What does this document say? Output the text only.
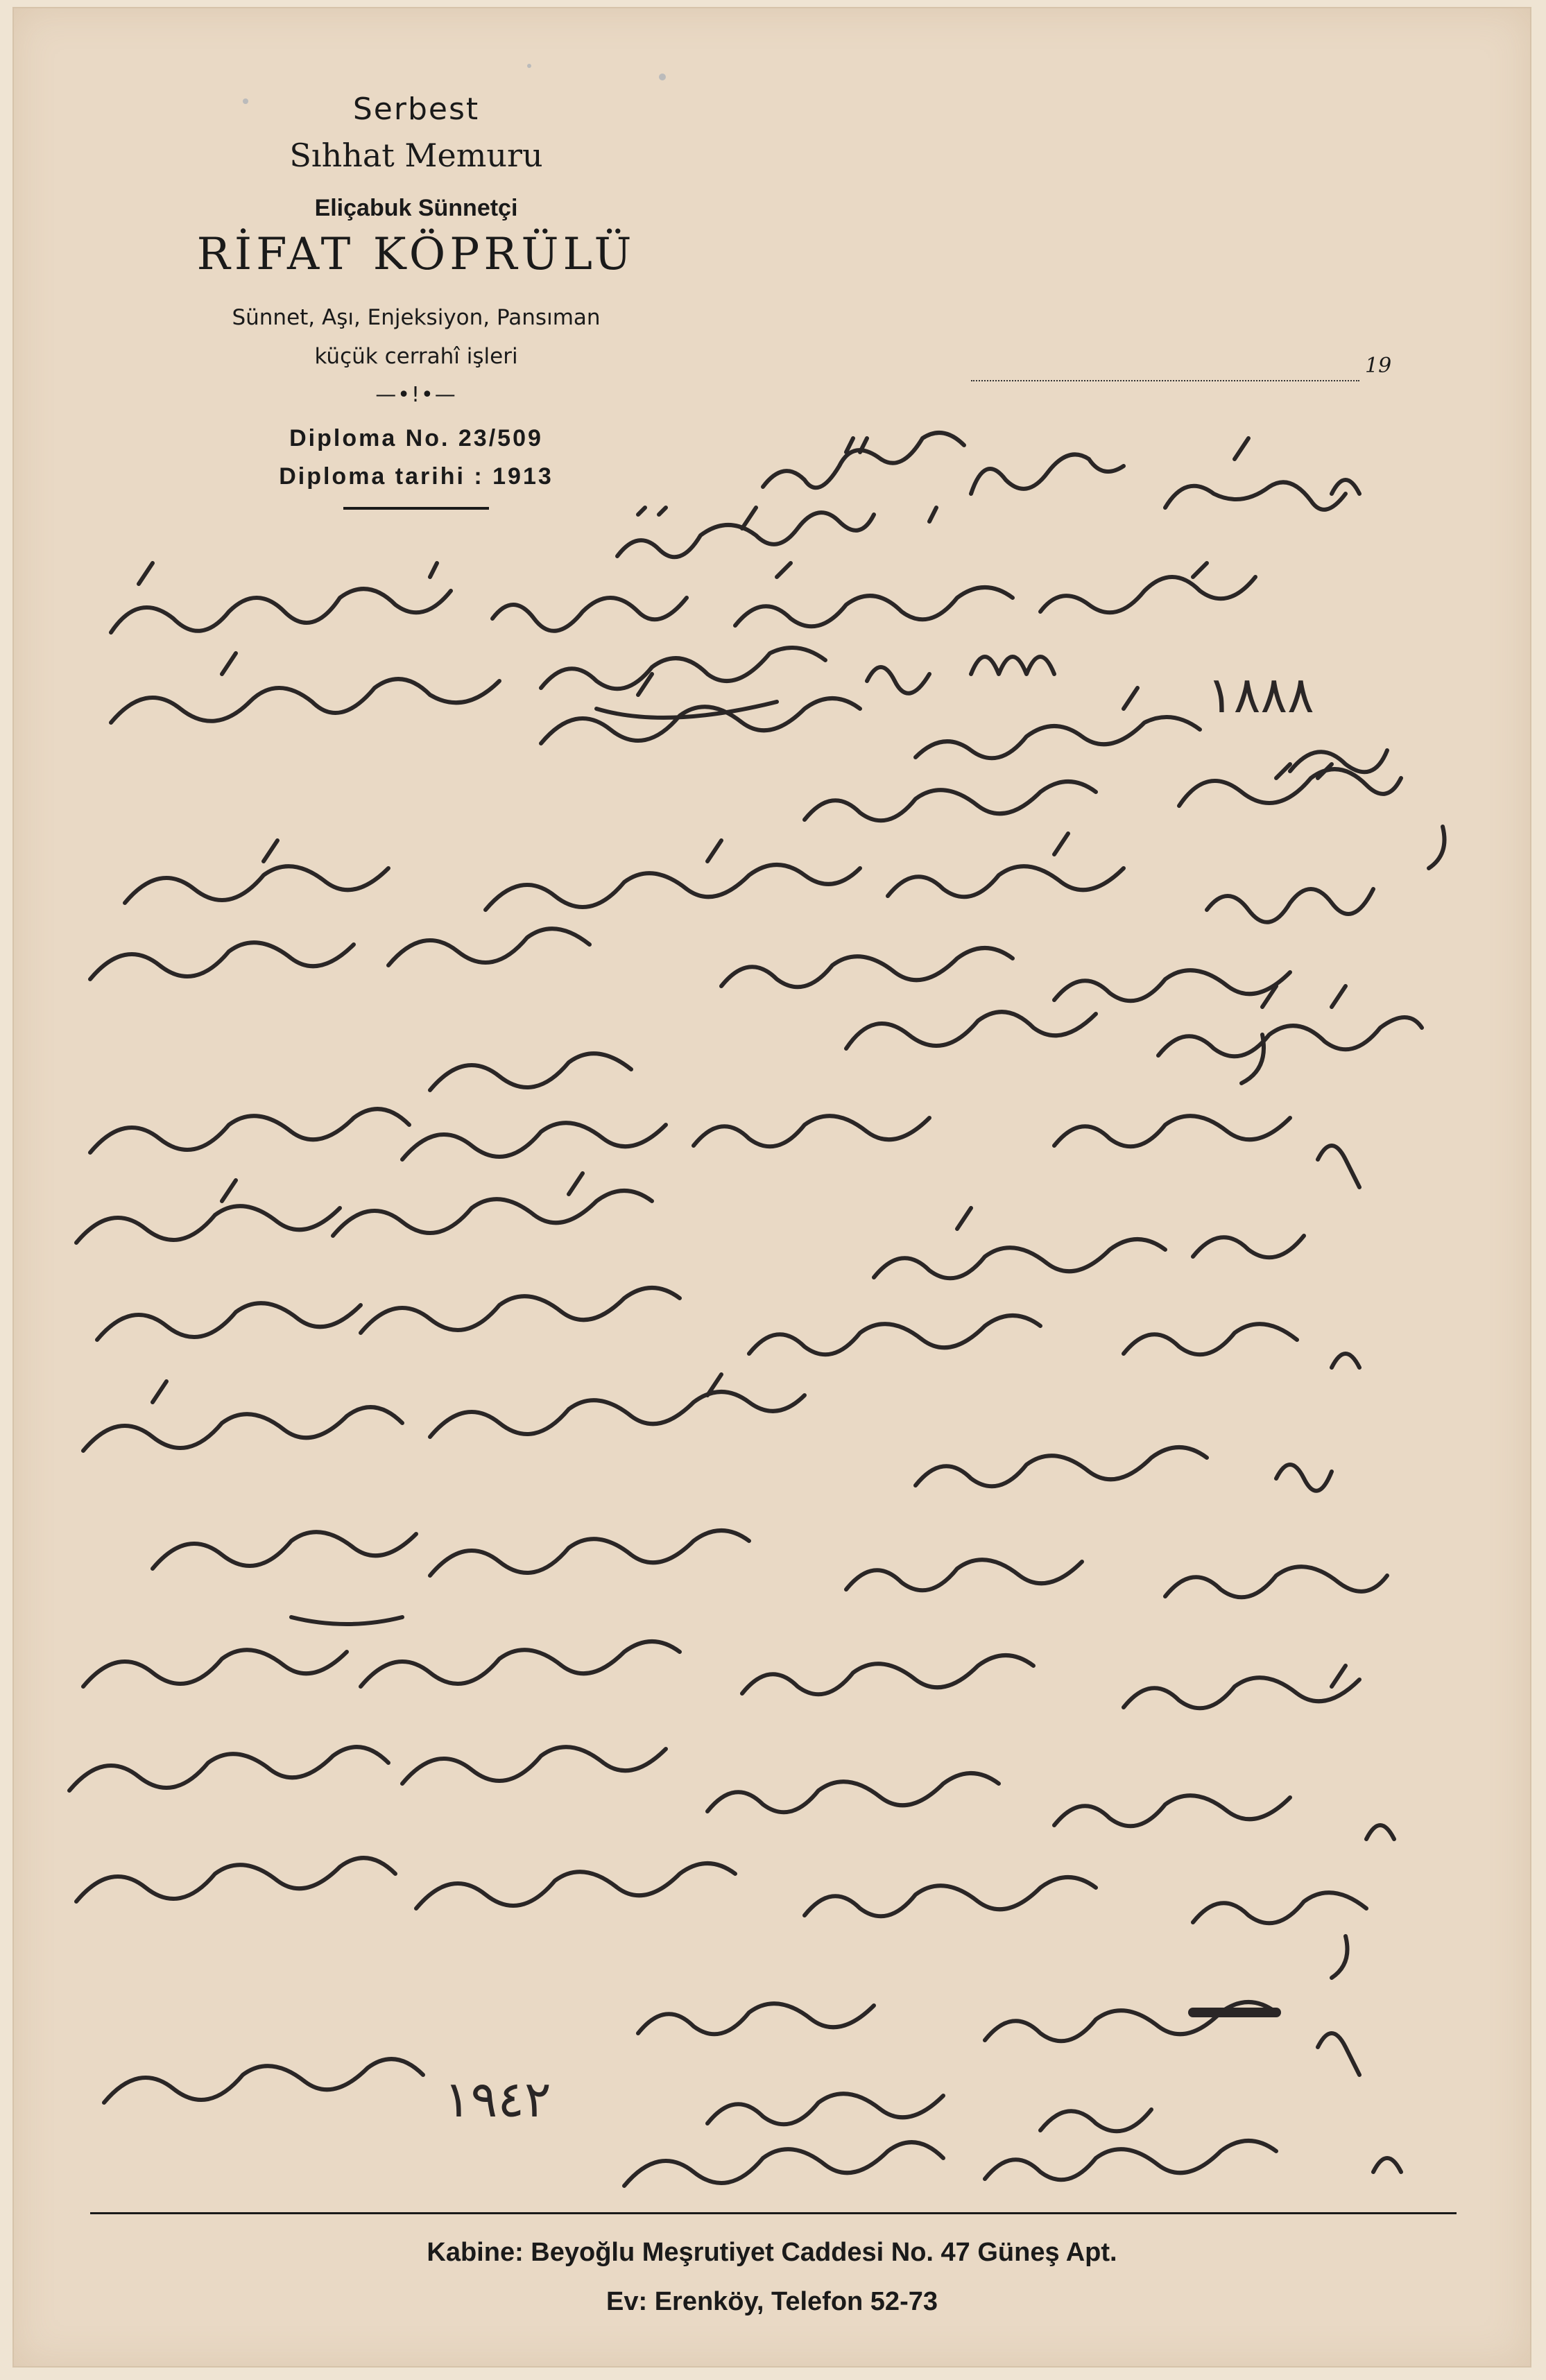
Serbest
Sıhhat Memuru
Eliçabuk Sünnetçi
RİFAT KÖPRÜLÜ
Sünnet, Aşı, Enjeksiyon, Pansıman
küçük cerrahî işleri
—•!•—
Diploma No. 23/509
Diploma tarihi : 1913
19
١٨٨٨
١٩٤٢
Kabine: Beyoğlu Meşrutiyet Caddesi No. 47 Güneş Apt.
Ev: Erenköy, Telefon 52-73
